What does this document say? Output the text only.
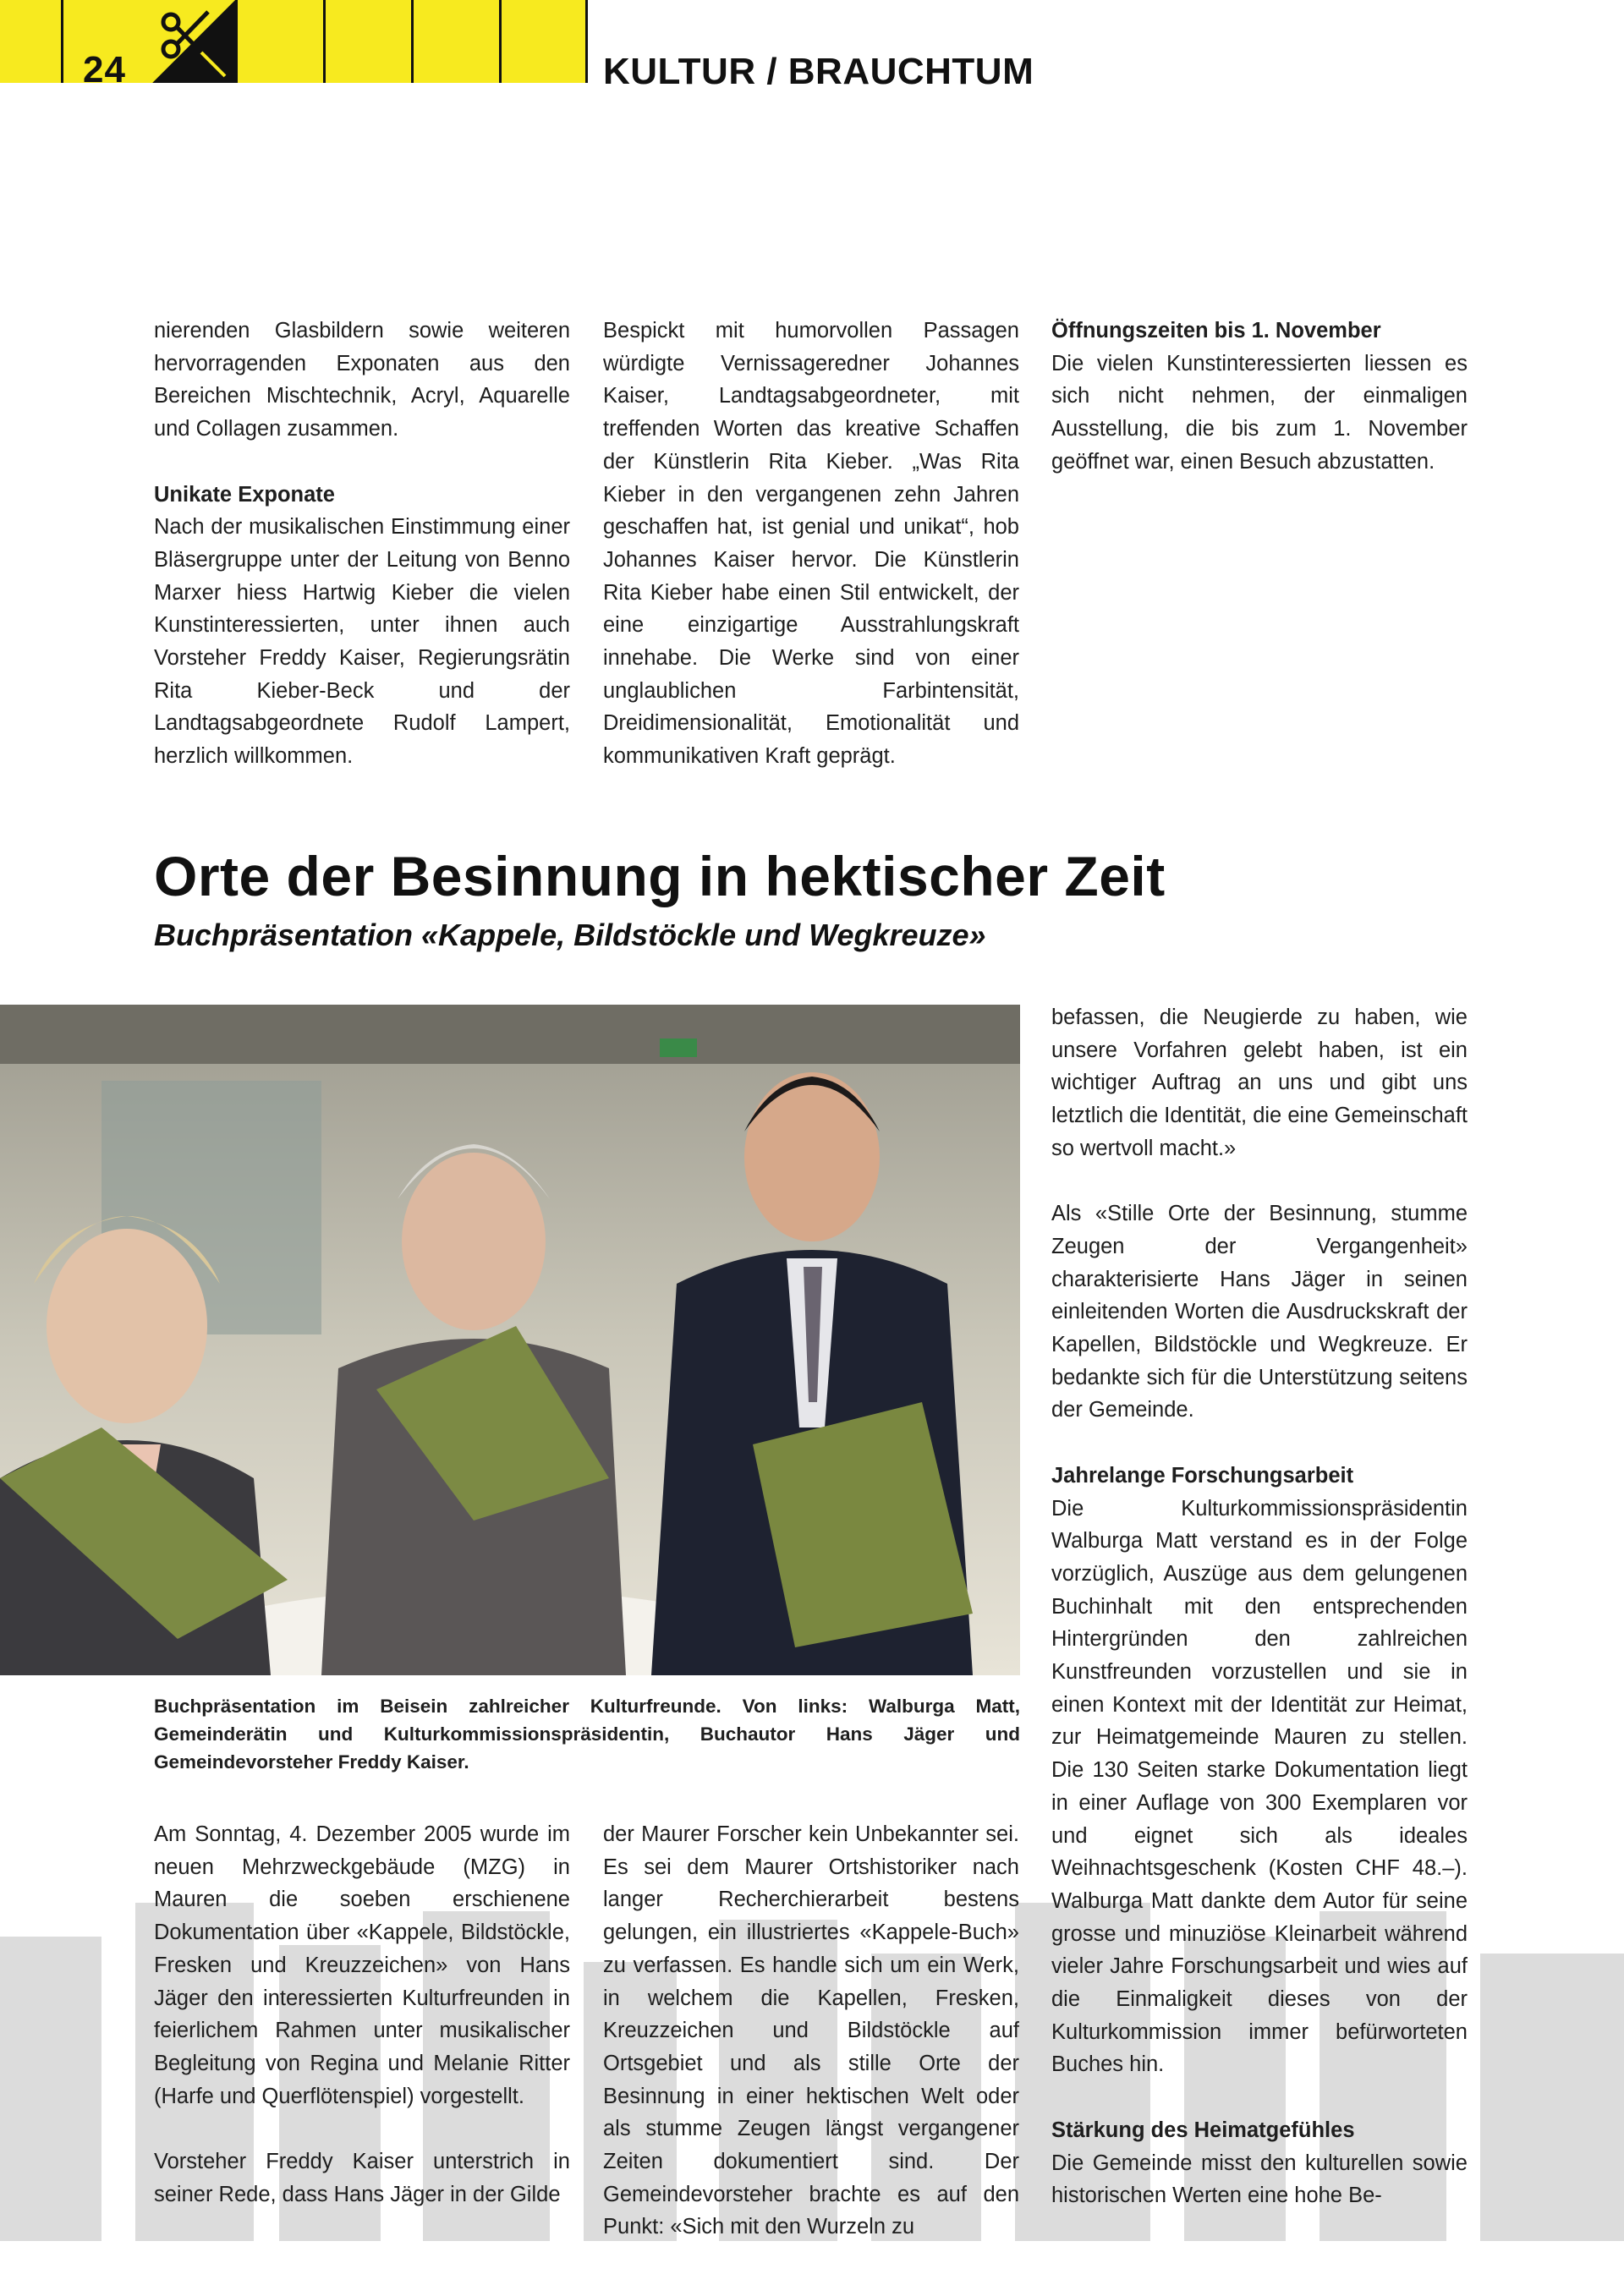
24	KULTUR / BRAUCHTUM

nierenden Glasbildern sowie weiteren hervorragenden Exponaten aus den Bereichen Mischtechnik, Acryl, Aquarelle und Collagen zusammen.

Unikate Exponate

Nach der musikalischen Einstimmung einer Bläsergruppe unter der Leitung von Benno Marxer hiess Hartwig Kieber die vielen Kunstinteressierten, unter ihnen auch Vorsteher Freddy Kaiser, Regierungsrätin Rita Kieber-Beck und der Landtagsabgeordnete Rudolf Lampert, herzlich willkommen.

Bespickt mit humorvollen Passagen würdigte Vernissageredner Johannes Kaiser, Landtagsabgeordneter, mit treffenden Worten das kreative Schaffen der Künstlerin Rita Kieber. „Was Rita Kieber in den vergangenen zehn Jahren geschaffen hat, ist genial und unikat“, hob Johannes Kaiser hervor. Die Künstlerin Rita Kieber habe einen Stil entwickelt, der eine einzigartige Ausstrahlungskraft innehabe. Die Werke sind von einer unglaublichen Farbintensität, Dreidimensionalität, Emotionalität und kommunikativen Kraft geprägt.

Öffnungszeiten bis 1. November

Die vielen Kunstinteressierten liessen es sich nicht nehmen, der einmaligen Ausstellung, die bis zum 1. November geöffnet war, einen Besuch abzustatten.

Orte der Besinnung in hektischer Zeit
Buchpräsentation «Kappele, Bildstöckle und Wegkreuze»

Buchpräsentation im Beisein zahlreicher Kulturfreunde. Von links: Walburga Matt, Gemeinderätin und Kulturkommissionspräsidentin, Buchautor Hans Jäger und Gemeindevorsteher Freddy Kaiser.

Am Sonntag, 4. Dezember 2005 wurde im neuen Mehrzweckgebäude (MZG) in Mauren die soeben erschienene Dokumentation über «Kappele, Bildstöckle, Fresken und Kreuzzeichen» von Hans Jäger den interessierten Kulturfreunden in feierlichem Rahmen unter musikalischer Begleitung von Regina und Melanie Ritter (Harfe und Querflötenspiel) vorgestellt.

Vorsteher Freddy Kaiser unterstrich in seiner Rede, dass Hans Jäger in der Gilde

der Maurer Forscher kein Unbekannter sei. Es sei dem Maurer Ortshistoriker nach langer Recherchierarbeit bestens gelungen, ein illustriertes «Kappele-Buch» zu verfassen. Es handle sich um ein Werk, in welchem die Kapellen, Fresken, Kreuzzeichen und Bildstöckle auf Ortsgebiet und als stille Orte der Besinnung in einer hektischen Welt oder als stumme Zeugen längst vergangener Zeiten dokumentiert sind. Der Gemeindevorsteher brachte es auf den Punkt: «Sich mit den Wurzeln zu

befassen, die Neugierde zu haben, wie unsere Vorfahren gelebt haben, ist ein wichtiger Auftrag an uns und gibt uns letztlich die Identität, die eine Gemeinschaft so wertvoll macht.»

Als «Stille Orte der Besinnung, stumme Zeugen der Vergangenheit» charakterisierte Hans Jäger in seinen einleitenden Worten die Ausdruckskraft der Kapellen, Bildstöckle und Wegkreuze. Er bedankte sich für die Unterstützung seitens der Gemeinde.

Jahrelange Forschungsarbeit

Die Kulturkommissionspräsidentin Walburga Matt verstand es in der Folge vorzüglich, Auszüge aus dem gelungenen Buchinhalt mit den entsprechenden Hintergründen den zahlreichen Kunstfreunden vorzustellen und sie in einen Kontext mit der Identität zur Heimat, zur Heimatgemeinde Mauren zu stellen. Die 130 Seiten starke Dokumentation liegt in einer Auflage von 300 Exemplaren vor und eignet sich als ideales Weihnachtsgeschenk (Kosten CHF 48.–). Walburga Matt dankte dem Autor für seine grosse und minuziöse Kleinarbeit während vieler Jahre Forschungsarbeit und wies auf die Einmaligkeit dieses von der Kulturkommission immer befürworteten Buches hin.

Stärkung des Heimatgefühles

Die Gemeinde misst den kulturellen sowie historischen Werten eine hohe Be-
